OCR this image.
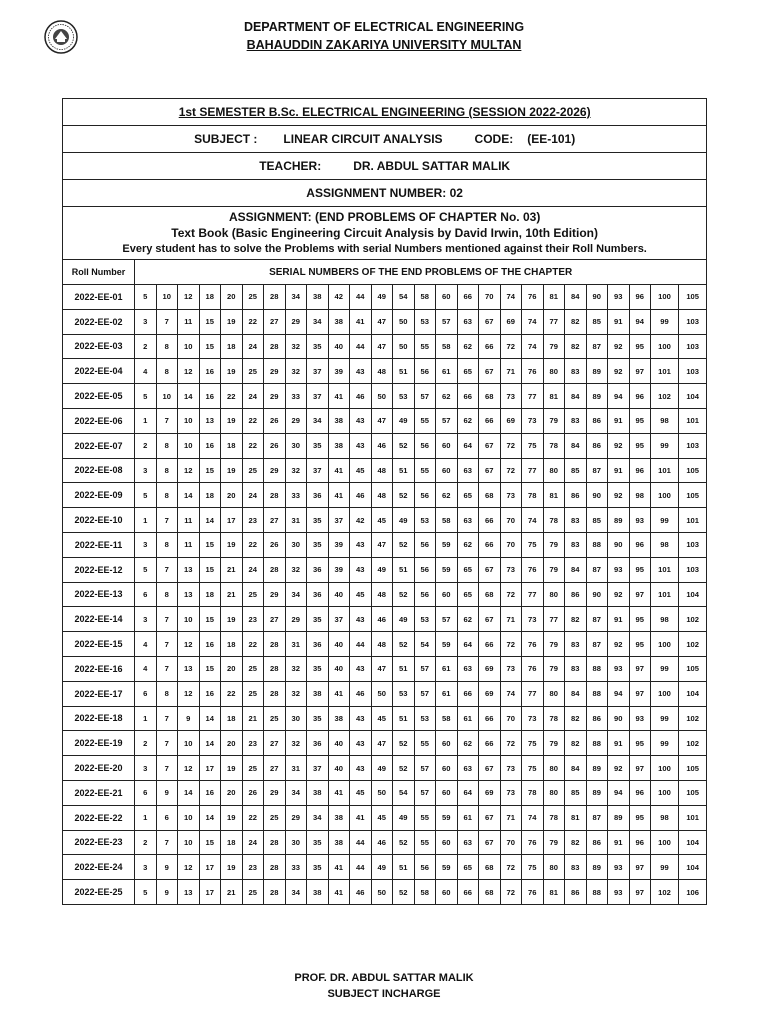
DEPARTMENT OF ELECTRICAL ENGINEERING
BAHAUDDIN ZAKARIYA UNIVERSITY MULTAN
1st SEMESTER B.Sc. ELECTRICAL ENGINEERING (SESSION 2022-2026)																										
SUBJECT : LINEAR CIRCUIT ANALYSIS CODE: (EE-101)																										
TEACHER: DR. ABDUL SATTAR MALIK																										
ASSIGNMENT NUMBER: 02																										

ASSIGNMENT: (END PROBLEMS OF CHAPTER No. 03)
Text Book (Basic Engineering Circuit Analysis by David Irwin, 10th Edition)
Every student has to solve the Problems with serial Numbers mentioned against their Roll Numbers.																										

Roll Number	SERIAL NUMBERS OF THE END PROBLEMS OF THE CHAPTER																									
2022-EE-01	5	10	12	18	20	25	28	34	38	42	44	49	54	58	60	66	70	74	76	81	84	90	93	96	100	105
2022-EE-02	3	7	11	15	19	22	27	29	34	38	41	47	50	53	57	63	67	69	74	77	82	85	91	94	99	103
2022-EE-03	2	8	10	15	18	24	28	32	35	40	44	47	50	55	58	62	66	72	74	79	82	87	92	95	100	103
2022-EE-04	4	8	12	16	19	25	29	32	37	39	43	48	51	56	61	65	67	71	76	80	83	89	92	97	101	103
2022-EE-05	5	10	14	16	22	24	29	33	37	41	46	50	53	57	62	66	68	73	77	81	84	89	94	96	102	104
2022-EE-06	1	7	10	13	19	22	26	29	34	38	43	47	49	55	57	62	66	69	73	79	83	86	91	95	98	101
2022-EE-07	2	8	10	16	18	22	26	30	35	38	43	46	52	56	60	64	67	72	75	78	84	86	92	95	99	103
2022-EE-08	3	8	12	15	19	25	29	32	37	41	45	48	51	55	60	63	67	72	77	80	85	87	91	96	101	105
2022-EE-09	5	8	14	18	20	24	28	33	36	41	46	48	52	56	62	65	68	73	78	81	86	90	92	98	100	105
2022-EE-10	1	7	11	14	17	23	27	31	35	37	42	45	49	53	58	63	66	70	74	78	83	85	89	93	99	101
2022-EE-11	3	8	11	15	19	22	26	30	35	39	43	47	52	56	59	62	66	70	75	79	83	88	90	96	98	103
2022-EE-12	5	7	13	15	21	24	28	32	36	39	43	49	51	56	59	65	67	73	76	79	84	87	93	95	101	103
2022-EE-13	6	8	13	18	21	25	29	34	36	40	45	48	52	56	60	65	68	72	77	80	86	90	92	97	101	104
2022-EE-14	3	7	10	15	19	23	27	29	35	37	43	46	49	53	57	62	67	71	73	77	82	87	91	95	98	102
2022-EE-15	4	7	12	16	18	22	28	31	36	40	44	48	52	54	59	64	66	72	76	79	83	87	92	95	100	102
2022-EE-16	4	7	13	15	20	25	28	32	35	40	43	47	51	57	61	63	69	73	76	79	83	88	93	97	99	105
2022-EE-17	6	8	12	16	22	25	28	32	38	41	46	50	53	57	61	66	69	74	77	80	84	88	94	97	100	104
2022-EE-18	1	7	9	14	18	21	25	30	35	38	43	45	51	53	58	61	66	70	73	78	82	86	90	93	99	102
2022-EE-19	2	7	10	14	20	23	27	32	36	40	43	47	52	55	60	62	66	72	75	79	82	88	91	95	99	102
2022-EE-20	3	7	12	17	19	25	27	31	37	40	43	49	52	57	60	63	67	73	75	80	84	89	92	97	100	105
2022-EE-21	6	9	14	16	20	26	29	34	38	41	45	50	54	57	60	64	69	73	78	80	85	89	94	96	100	105
2022-EE-22	1	6	10	14	19	22	25	29	34	38	41	45	49	55	59	61	67	71	74	78	81	87	89	95	98	101
2022-EE-23	2	7	10	15	18	24	28	30	35	38	44	46	52	55	60	63	67	70	76	79	82	86	91	96	100	104
2022-EE-24	3	9	12	17	19	23	28	33	35	41	44	49	51	56	59	65	68	72	75	80	83	89	93	97	99	104
2022-EE-25	5	9	13	17	21	25	28	34	38	41	46	50	52	58	60	66	68	72	76	81	86	88	93	97	102	106
PROF. DR. ABDUL SATTAR MALIK
SUBJECT INCHARGE
